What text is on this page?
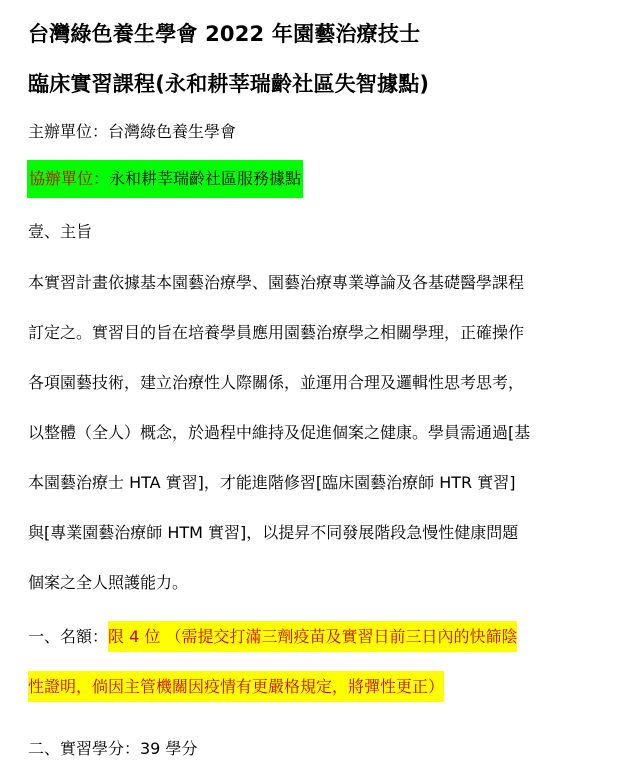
台灣綠色養生學會 2022 年園藝治療技士
臨床實習課程(永和耕莘瑞齡社區失智據點)
主辦單位：台灣綠色養生學會
協辦單位：永和耕莘瑞齡社區服務據點
壹、主旨
本實習計畫依據基本園藝治療學、園藝治療專業導論及各基礎醫學課程
訂定之。實習目的旨在培養學員應用園藝治療學之相關學理，正確操作
各項園藝技術，建立治療性人際關係，並運用合理及邏輯性思考思考，
以整體（全人）概念，於過程中維持及促進個案之健康。學員需通過[基
本園藝治療士 HTA 實習]，才能進階修習[臨床園藝治療師 HTR 實習]
與[專業園藝治療師 HTM 實習]，以提昇不同發展階段急慢性健康問題
個案之全人照護能力。
一、名額：限 4 位 （需提交打滿三劑疫苗及實習日前三日內的快篩陰
性證明，倘因主管機關因疫情有更嚴格規定，將彈性更正）
二、實習學分：39 學分
